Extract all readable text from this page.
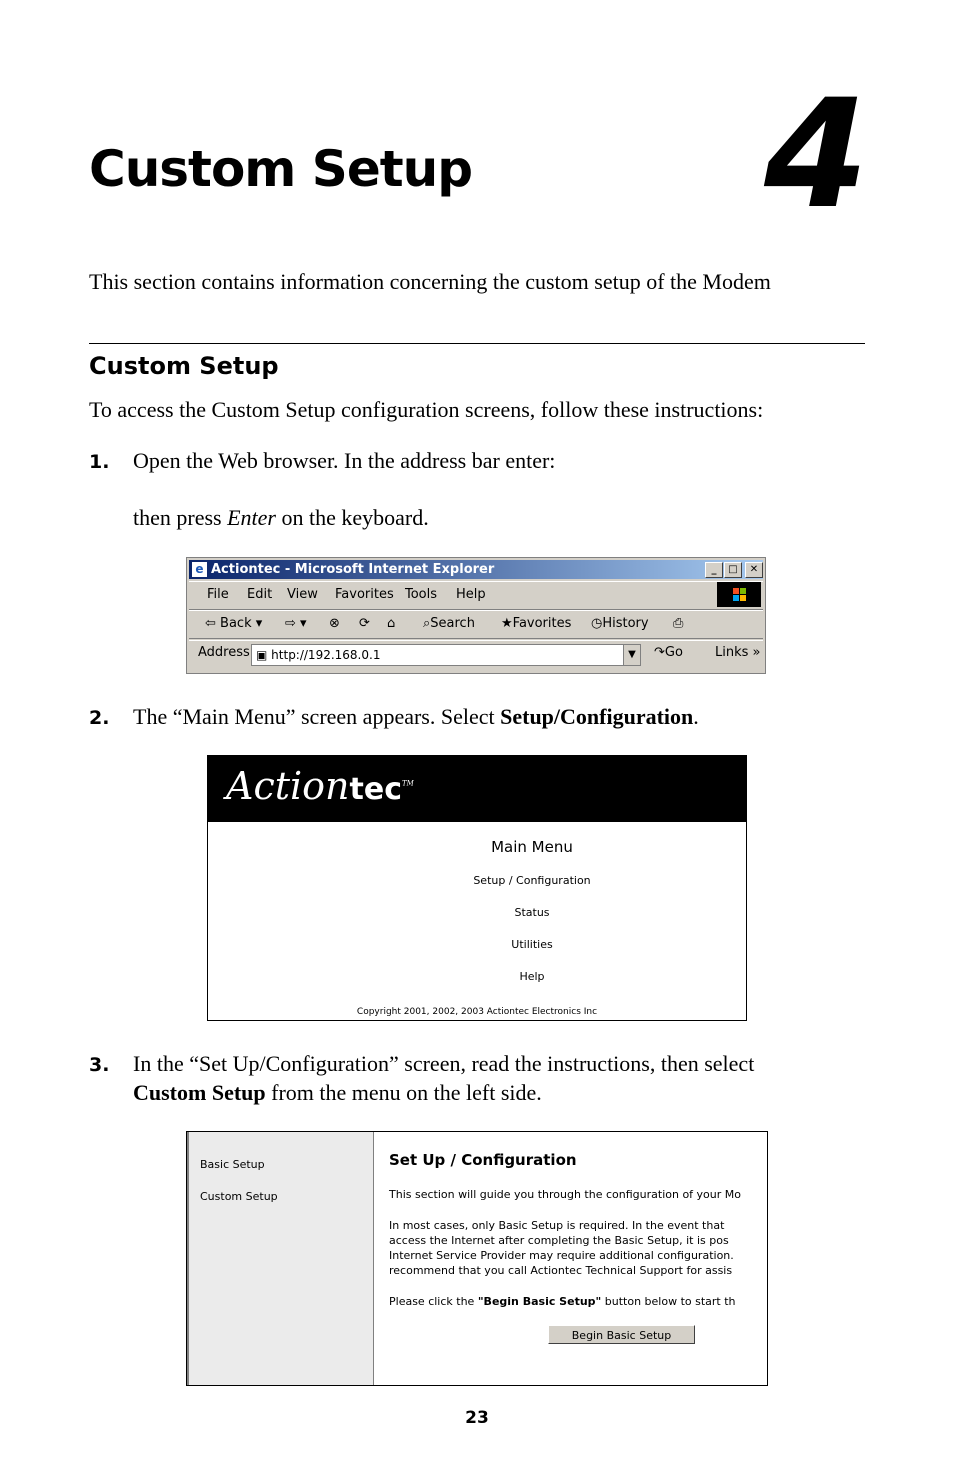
Custom Setup 4
This section contains information concerning the custom setup of the Modem
Custom Setup
To access the Custom Setup configuration screens, follow these instructions:
1. Open the Web browser. In the address bar enter:
then press Enter on the keyboard.
e Actiontec - Microsoft Internet Explorer	_	□	✕
File Edit View Favorites Tools Help
⇦ Back ▾ ⇨ ▾ ⊗ ⟳ ⌂ ⌕Search ★Favorites ◷History ⎙
Address ▣ http://192.168.0.1	▼	↷Go Links »
2. The “Main Menu” screen appears. Select Setup/Configuration.
Actiontec™
Main Menu
Setup / Configuration
Status
Utilities
Help
Copyright 2001, 2002, 2003 Actiontec Electronics Inc
3. In the “Set Up/Configuration” screen, read the instructions, then select
Custom Setup from the menu on the left side.
Basic Setup
Custom Setup
Set Up / Configuration
This section will guide you through the configuration of your Mo
In most cases, only Basic Setup is required. In the event that
access the Internet after completing the Basic Setup, it is pos
Internet Service Provider may require additional configuration.
recommend that you call Actiontec Technical Support for assis
Please click the "Begin Basic Setup" button below to start th
Begin Basic Setup
23
